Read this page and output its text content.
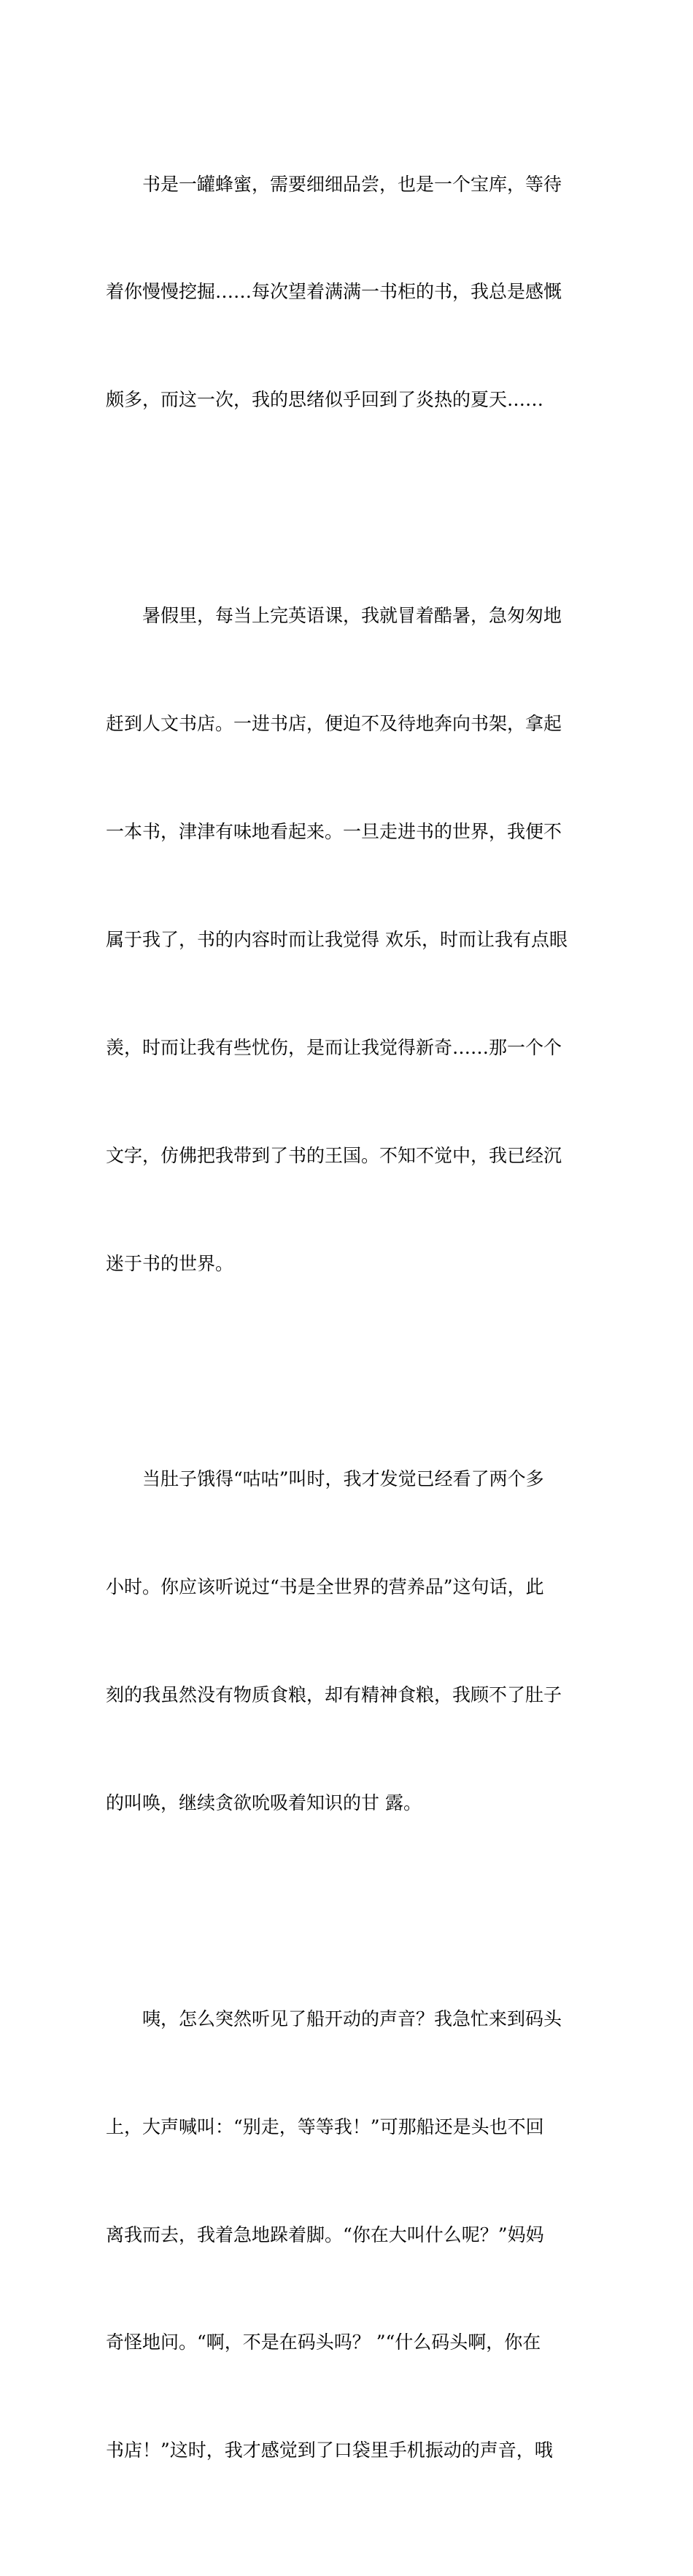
书是一罐蜂蜜，需要细细品尝，也是一个宝库，等待

着你慢慢挖掘……每次望着满满一书柜的书，我总是感慨

颇多，而这一次，我的思绪似乎回到了炎热的夏天……

暑假里，每当上完英语课，我就冒着酷暑，急匆匆地

赶到人文书店。一进书店，便迫不及待地奔向书架，拿起

一本书，津津有味地看起来。一旦走进书的世界，我便不

属于我了，书的内容时而让我觉得 欢乐，时而让我有点眼

羡，时而让我有些忧伤，是而让我觉得新奇……那一个个

文字，仿佛把我带到了书的王国。不知不觉中，我已经沉

迷于书的世界。

当肚子饿得“咕咕”叫时，我才发觉已经看了两个多

小时。你应该听说过“书是全世界的营养品”这句话，此

刻的我虽然没有物质食粮，却有精神食粮，我顾不了肚子

的叫唤，继续贪欲吮吸着知识的甘 露。

咦，怎么突然听见了船开动的声音？我急忙来到码头

上，大声喊叫：“别走，等等我！”可那船还是头也不回

离我而去，我着急地跺着脚。“你在大叫什么呢？”妈妈

奇怪地问。“啊，不是在码头吗？ ”“什么码头啊，你在

书店！”这时，我才感觉到了口袋里手机振动的声音，哦
